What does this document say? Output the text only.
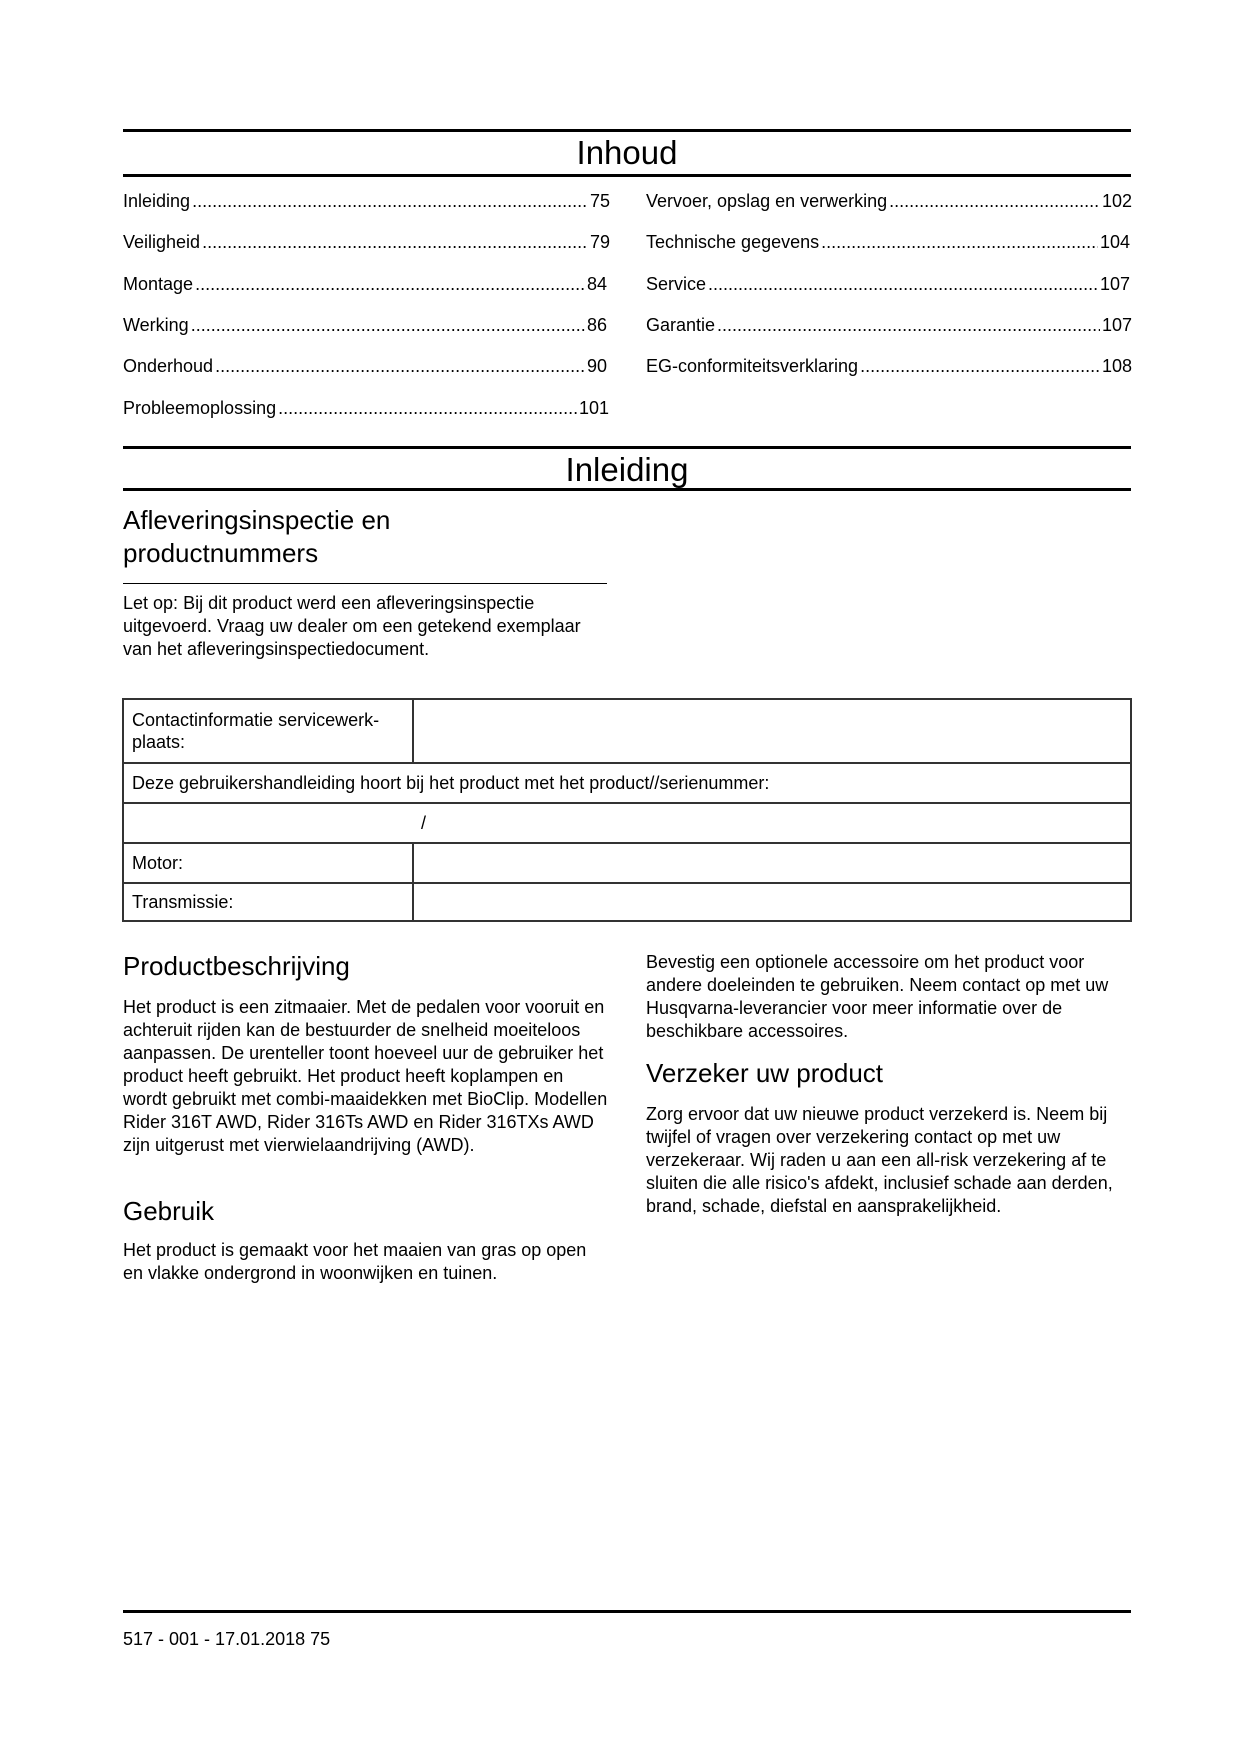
Inhoud
Inleiding .....	75
Veiligheid .....	79
Montage .....	84
Werking .....	86
Onderhoud .....	90
Probleemoplossing .....	101
Vervoer, opslag en verwerking .....	102
Technische gegevens .....	104
Service .....	107
Garantie .....	107
EG-conformiteitsverklaring .....	108
Inleiding
Afleveringsinspectie en
productnummers
Let op: Bij dit product werd een afleveringsinspectie uitgevoerd. Vraag uw dealer om een getekend exemplaar van het afleveringsinspectiedocument.
Contactinformatie servicewerk-plaats:	
Deze gebruikershandleiding hoort bij het product met het product//serienummer:	
/	
Motor:	
Transmissie:	
Productbeschrijving
Het product is een zitmaaier. Met de pedalen voor vooruit en achteruit rijden kan de bestuurder de snelheid moeiteloos aanpassen. De urenteller toont hoeveel uur de gebruiker het product heeft gebruikt. Het product heeft koplampen en wordt gebruikt met combi-maaidekken met BioClip. Modellen Rider 316T AWD, Rider 316Ts AWD en Rider 316TXs AWD zijn uitgerust met vierwielaandrijving (AWD).
Gebruik
Het product is gemaakt voor het maaien van gras op open en vlakke ondergrond in woonwijken en tuinen.
Bevestig een optionele accessoire om het product voor andere doeleinden te gebruiken. Neem contact op met uw Husqvarna-leverancier voor meer informatie over de beschikbare accessoires.
Verzeker uw product
Zorg ervoor dat uw nieuwe product verzekerd is. Neem bij twijfel of vragen over verzekering contact op met uw verzekeraar. Wij raden u aan een all-risk verzekering af te sluiten die alle risico's afdekt, inclusief schade aan derden, brand, schade, diefstal en aansprakelijkheid.
517 - 001 - 17.01.2018 75
